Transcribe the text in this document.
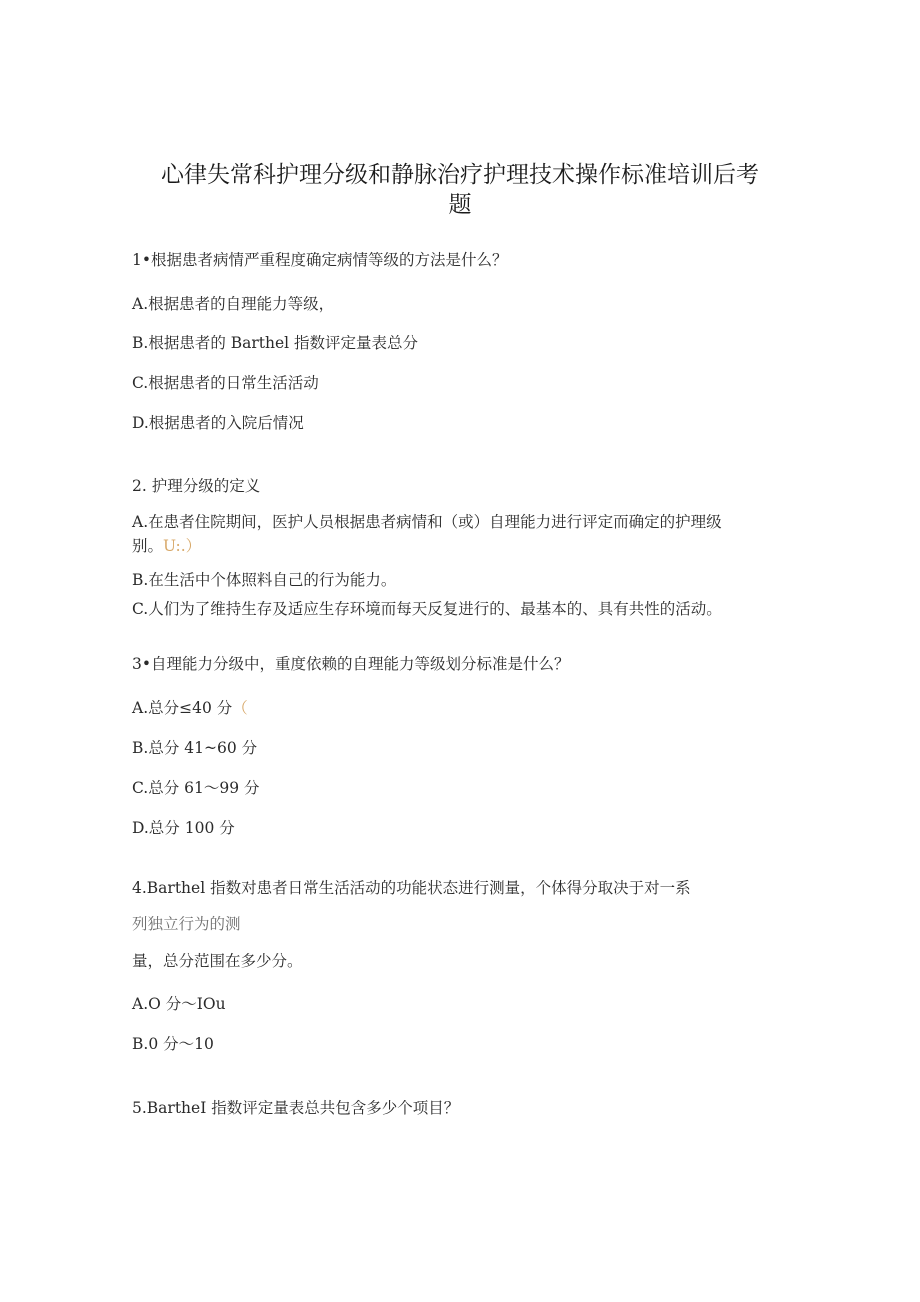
心律失常科护理分级和静脉治疗护理技术操作标准培训后考
题
1•根据患者病情严重程度确定病情等级的方法是什么？
A.根据患者的自理能力等级，
B.根据患者的 Barthel 指数评定量表总分
C.根据患者的日常生活活动
D.根据患者的入院后情况
2. 护理分级的定义
A.在患者住院期间，医护人员根据患者病情和（或）自理能力进行评定而确定的护理级
别。U:.）
B.在生活中个体照料自己的行为能力。
C.人们为了维持生存及适应生存环境而每天反复进行的、最基本的、具有共性的活动。
3•自理能力分级中，重度依赖的自理能力等级划分标准是什么？
A.总分≤40 分（
B.总分 41~60 分
C.总分 61～99 分
D.总分 100 分
4.Barthel 指数对患者日常生活活动的功能状态进行测量，个体得分取决于对一系
列独立行为的测
量，总分范围在多少分。
A.O 分～IOu
B.0 分～10
5.BartheI 指数评定量表总共包含多少个项目？
